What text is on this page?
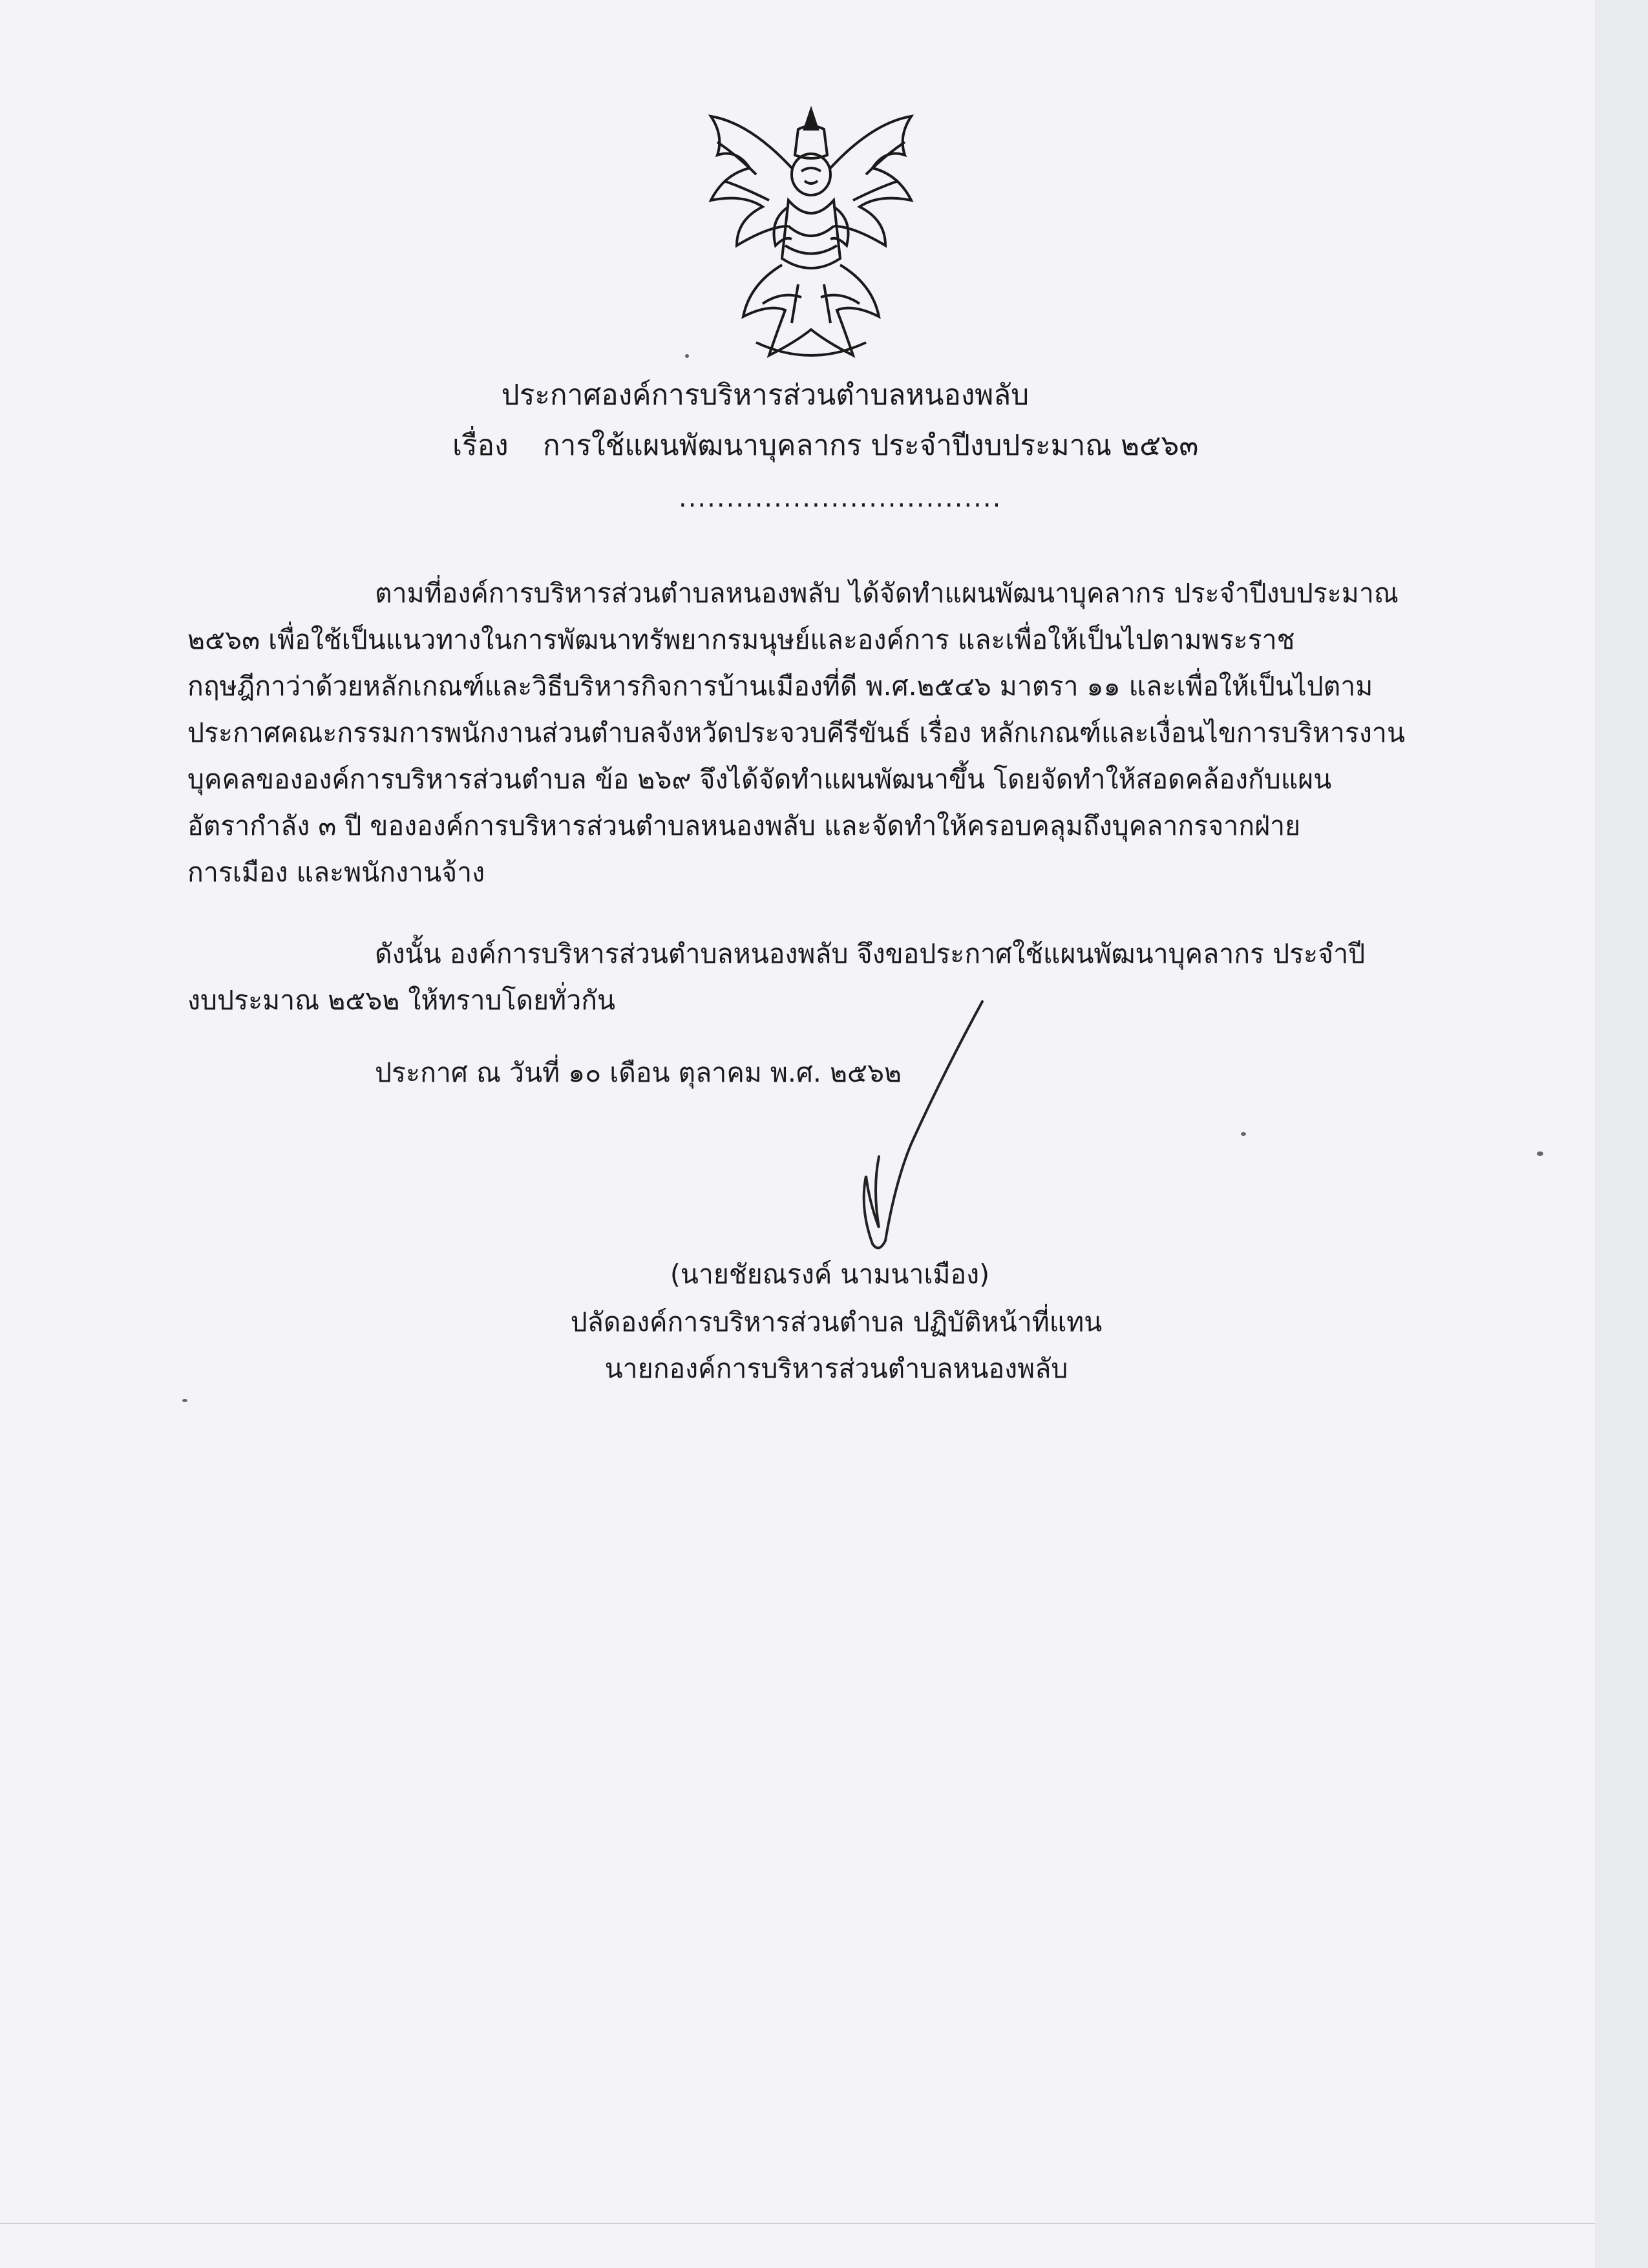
ประกาศองค์การบริหารส่วนตำบลหนองพลับ
เรื่อง การใช้แผนพัฒนาบุคลากร ประจำปีงบประมาณ ๒๕๖๓
..................................
ตามที่องค์การบริหารส่วนตำบลหนองพลับ ได้จัดทำแผนพัฒนาบุคลากร ประจำปีงบประมาณ
๒๕๖๓ เพื่อใช้เป็นแนวทางในการพัฒนาทรัพยากรมนุษย์และองค์การ และเพื่อให้เป็นไปตามพระราช
กฤษฎีกาว่าด้วยหลักเกณฑ์และวิธีบริหารกิจการบ้านเมืองที่ดี พ.ศ.๒๕๔๖ มาตรา ๑๑ และเพื่อให้เป็นไปตาม
ประกาศคณะกรรมการพนักงานส่วนตำบลจังหวัดประจวบคีรีขันธ์ เรื่อง หลักเกณฑ์และเงื่อนไขการบริหารงาน
บุคคลขององค์การบริหารส่วนตำบล ข้อ ๒๖๙ จึงได้จัดทำแผนพัฒนาขึ้น โดยจัดทำให้สอดคล้องกับแผน
อัตรากำลัง ๓ ปี ขององค์การบริหารส่วนตำบลหนองพลับ และจัดทำให้ครอบคลุมถึงบุคลากรจากฝ่าย
การเมือง และพนักงานจ้าง
ดังนั้น องค์การบริหารส่วนตำบลหนองพลับ จึงขอประกาศใช้แผนพัฒนาบุคลากร ประจำปี
งบประมาณ ๒๕๖๒ ให้ทราบโดยทั่วกัน
ประกาศ ณ วันที่ ๑๐ เดือน ตุลาคม พ.ศ. ๒๕๖๒
(นายชัยณรงค์ นามนาเมือง)
ปลัดองค์การบริหารส่วนตำบล ปฏิบัติหน้าที่แทน
นายกองค์การบริหารส่วนตำบลหนองพลับ
